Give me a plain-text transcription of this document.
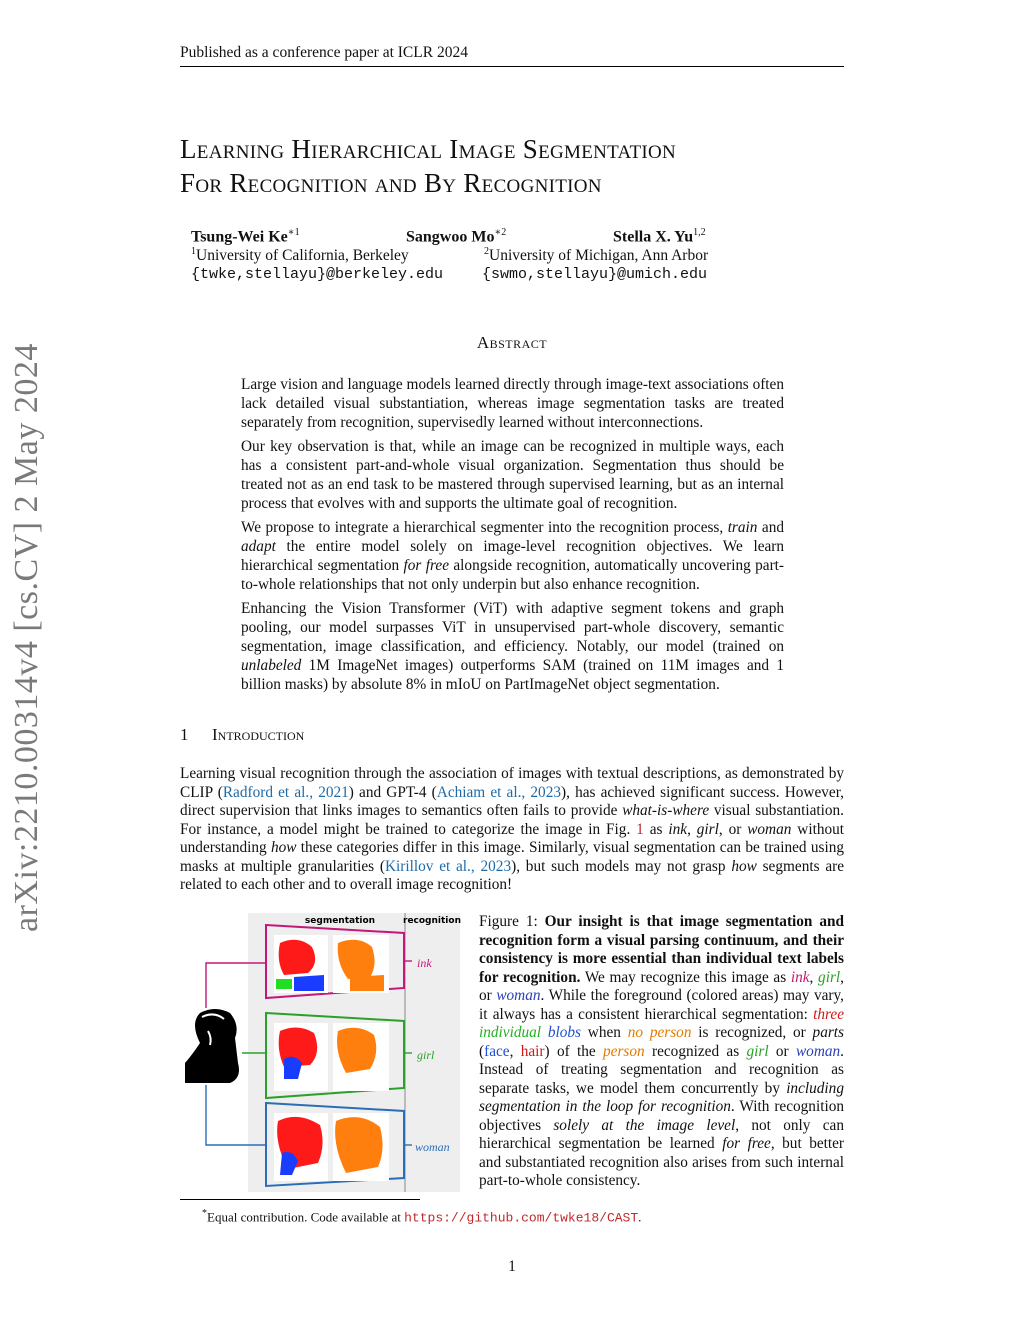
Published as a conference paper at ICLR 2024
arXiv:2210.00314v4 [cs.CV] 2 May 2024
Learning Hierarchical Image Segmentation
For Recognition and By Recognition
Tsung-Wei $Ke^{∗1}$	Sangwoo $Mo^{∗2}$	Stella X. Yu$^{1,2}$
$^1$University of California, Berkeley	$^2$University of Michigan, Ann Arbor
{twke,stellayu}@berkeley.edu	{swmo,stellayu}@umich.edu
Abstract

Large vision and language models learned directly through image-text associations often lack detailed visual substantiation, whereas image segmentation tasks are treated separately from recognition, supervisedly learned without interconnections.

Our key observation is that, while an image can be recognized in multiple ways, each has a consistent part-and-whole visual organization. Segmentation thus should be treated not as an end task to be mastered through supervised learning, but as an internal process that evolves with and supports the ultimate goal of recognition.

We propose to integrate a hierarchical segmenter into the recognition process, train and adapt the entire model solely on image-level recognition objectives. We learn hierarchical segmentation for free alongside recognition, automatically uncovering part-to-whole relationships that not only underpin but also enhance recognition.

Enhancing the Vision Transformer (ViT) with adaptive segment tokens and graph pooling, our model surpasses ViT in unsupervised part-whole discovery, semantic segmentation, image classification, and efficiency. Notably, our model (trained on unlabeled 1M ImageNet images) outperforms SAM (trained on 11M images and 1 billion masks) by absolute 8% in mIoU on PartImageNet object segmentation.

1 Introduction
Learning visual recognition through the association of images with textual descriptions, as demonstrated by CLIP (Radford et al., 2021) and GPT-4 (Achiam et al., 2023), has achieved significant success. However, direct supervision that links images to semantics often fails to provide what-is-where visual substantiation. For instance, a model might be trained to categorize the image in Fig. 1 as ink, girl, or woman without understanding how these categories differ in this image. Similarly, visual segmentation can be trained using masks at multiple granularities (Kirillov et al., 2023), but such models may not grasp how segments are related to each other and to overall image recognition!
segmentation	recognition
ink
girl
woman
Figure 1: Our insight is that image segmentation and recognition form a visual parsing continuum, and their consistency is more essential than individual text labels for recognition. We may recognize this image as ink, girl, or woman. While the foreground (colored areas) may vary, it always has a consistent hierarchical segmentation: three individual blobs when no person is recognized, or parts (face, hair) of the person recognized as girl or woman. Instead of treating segmentation and recognition as separate tasks, we model them concurrently by including segmentation in the loop for recognition. With recognition objectives solely at the image level, not only can hierarchical segmentation be learned for free, but better and substantiated recognition also arises from such internal part-to-whole consistency.
*Equal contribution. Code available at https://github.com/twke18/CAST.
1
